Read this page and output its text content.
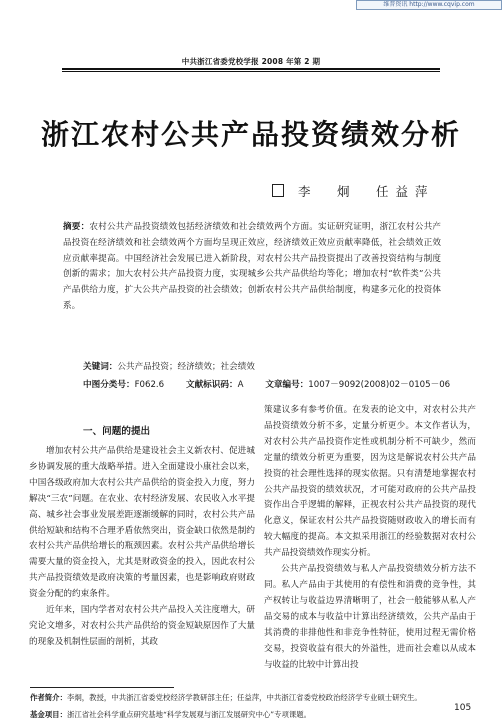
维普资讯 http://www.cqvip.com
中共浙江省委党校学报 2008 年第 2 期
浙江农村公共产品投资绩效分析
李　炯　任益萍
摘要：农村公共产品投资绩效包括经济绩效和社会绩效两个方面。实证研究证明，浙江农村公共产品投资在经济绩效和社会绩效两个方面均呈现正效应，经济绩效正效应贡献率降低，社会绩效正效应贡献率提高。中国经济社会发展已进入新阶段，对农村公共产品投资提出了改善投资结构与制度创新的需求；加大农村公共产品投资力度，实现城乡公共产品供给均等化；增加农村“软件类”公共产品供给力度，扩大公共产品投资的社会绩效；创新农村公共产品供给制度，构建多元化的投资体系。
关键词：公共产品投资；经济绩效；社会绩效
中图分类号：F062.6	文献标识码：A	文章编号：1007－9092(2008)02－0105－06
一、问题的提出

增加农村公共产品供给是建设社会主义新农村、促进城乡协调发展的重大战略举措。进入全面建设小康社会以来，中国各级政府加大农村公共产品供给的资金投入力度，努力解决“三农”问题。在农业、农村经济发展、农民收入水平提高、城乡社会事业发展差距逐渐缓解的同时，农村公共产品供给短缺和结构不合理矛盾依然突出，资金缺口依然是制约农村公共产品供给增长的瓶颈因素。农村公共产品供给增长需要大量的资金投入，尤其是财政资金的投入，因此农村公共产品投资绩效是政府决策的考量因素，也是影响政府财政资金分配的约束条件。

近年来，国内学者对农村公共产品投入关注度增大，研究论文增多，对农村公共产品供给的资金短缺原因作了大量的现象及机制性层面的剖析，其政

策建议多有参考价值。在发表的论文中，对农村公共产品投资绩效分析不多，定量分析更少。本文作者认为，对农村公共产品投资作定性或机制分析不可缺少，然而定量的绩效分析更为重要，因为这是解说农村公共产品投资的社会理性选择的现实依据。只有清楚地掌握农村公共产品投资的绩效状况，才可能对政府的公共产品投资作出合乎逻辑的解释，正视农村公共产品投资的现代化意义，保证农村公共产品投资随财政收入的增长而有较大幅度的提高。本文拟采用浙江的经验数据对农村公共产品投资绩效作现实分析。

公共产品投资绩效与私人产品投资绩效分析方法不同。私人产品由于其使用的有偿性和消费的竞争性，其产权转让与收益边界清晰明了，社会一般能够从私人产品交易的成本与收益中计算出经济绩效，公共产品由于其消费的非排他性和非竞争性特征，使用过程无需价格交易，投资收益有很大的外溢性，进而社会难以从成本与收益的比较中计算出投

作者简介：李炯，教授，中共浙江省委党校经济学教研部主任；任益萍，中共浙江省委党校政治经济学专业硕士研究生。
基金项目：浙江省社会科学重点研究基地“科学发展观与浙江发展研究中心”专项课题。
105
